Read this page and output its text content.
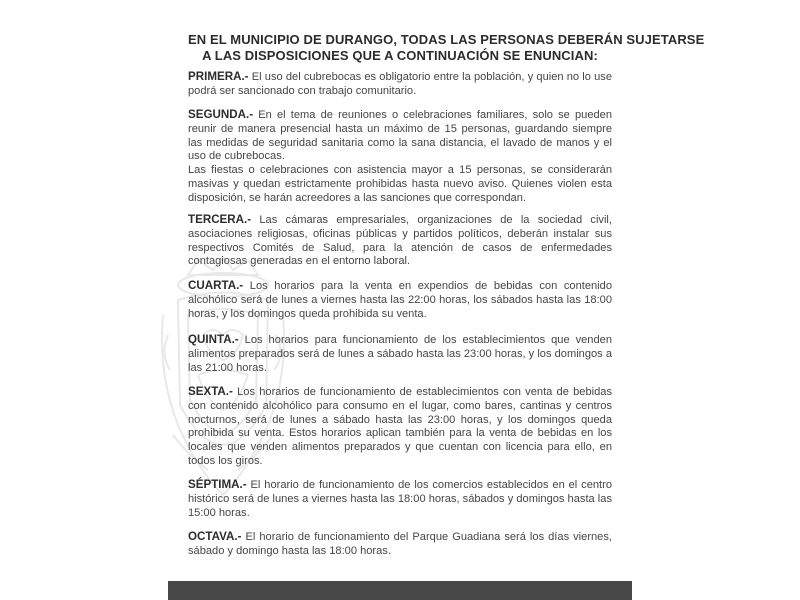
EN EL MUNICIPIO DE DURANGO, TODAS LAS PERSONAS DEBERÁN SUJETARSE
A LAS DISPOSICIONES QUE A CONTINUACIÓN SE ENUNCIAN:

PRIMERA.- El uso del cubrebocas es obligatorio entre la población, y quien no lo use podrá ser sancionado con trabajo comunitario.

SEGUNDA.- En el tema de reuniones o celebraciones familiares, solo se pueden reunir de manera presencial hasta un máximo de 15 personas, guardando siempre las medidas de seguridad sanitaria como la sana distancia, el lavado de manos y el uso de cubrebocas.

Las fiestas o celebraciones con asistencia mayor a 15 personas, se considerarán masivas y quedan estrictamente prohibidas hasta nuevo aviso. Quienes violen esta disposición, se harán acreedores a las sanciones que correspondan.

TERCERA.- Las cámaras empresariales, organizaciones de la sociedad civil, asociaciones religiosas, oficinas públicas y partidos políticos, deberán instalar sus respectivos Comités de Salud, para la atención de casos de enfermedades contagiosas generadas en el entorno laboral.

CUARTA.- Los horarios para la venta en expendios de bebidas con contenido alcohólico será de lunes a viernes hasta las 22:00 horas, los sábados hasta las 18:00 horas, y los domingos queda prohibida su venta.

QUINTA.- Los horarios para funcionamiento de los establecimientos que venden alimentos preparados será de lunes a sábado hasta las 23:00 horas, y los domingos a las 21:00 horas.

SEXTA.- Los horarios de funcionamiento de establecimientos con venta de bebidas con contenido alcohólico para consumo en el lugar, como bares, cantinas y centros nocturnos, será de lunes a sábado hasta las 23:00 horas, y los domingos queda prohibida su venta. Estos horarios aplican también para la venta de bebidas en los locales que venden alimentos preparados y que cuentan con licencia para ello, en todos los giros.

SÉPTIMA.- El horario de funcionamiento de los comercios establecidos en el centro histórico será de lunes a viernes hasta las 18:00 horas, sábados y domingos hasta las 15:00 horas.

OCTAVA.- El horario de funcionamiento del Parque Guadiana será los días viernes, sábado y domingo hasta las 18:00 horas.
